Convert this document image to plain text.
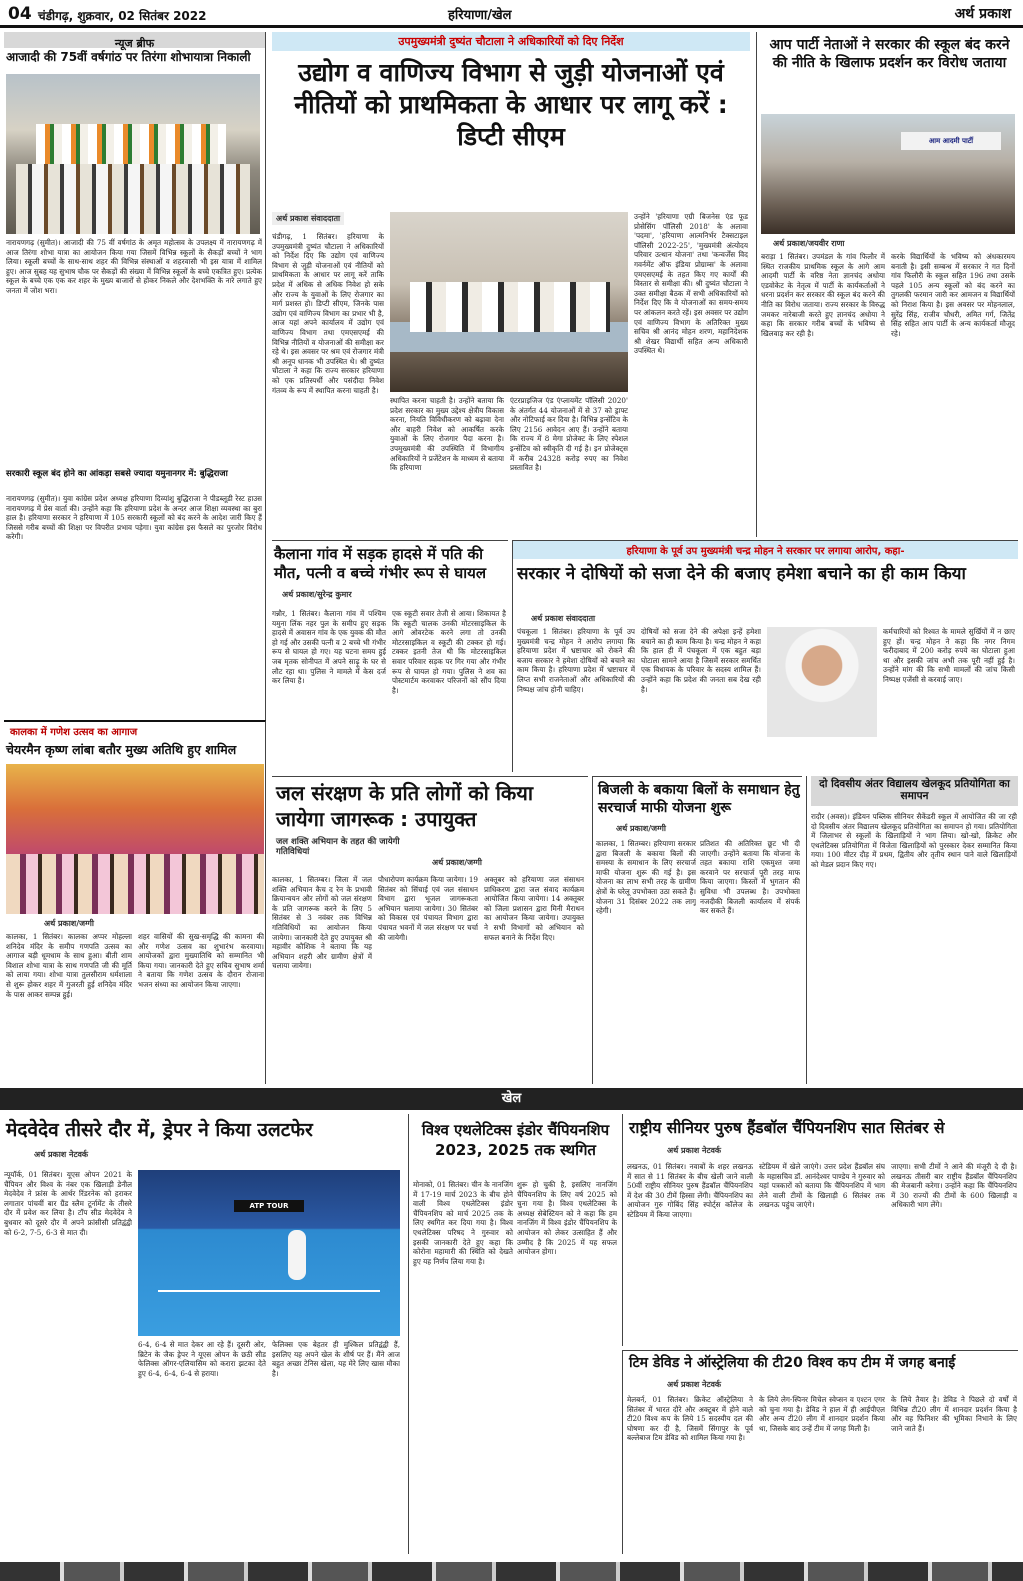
04 चंडीगढ़, शुक्रवार, 02 सितंबर 2022	हरियाणा/खेल	अर्थ प्रकाश
न्यूज ब्रीफ
आजादी की 75वीं वर्षगांठ पर तिरंगा शोभायात्रा निकाली
नारायणगढ़ (सुमीत)। आजादी की 75 वीं वर्षगांठ के अमृत महोत्सव के उपलक्ष्य में नारायणगढ़ में आज तिरंगा शोभा यात्रा का आयोजन किया गया जिसमें विभिन्न स्कूलों के सैकड़ों बच्चों ने भाग लिया। स्कूली बच्चों के साथ-साथ शहर की विभिन्न संस्थाओं व शहरवासी भी इस यात्रा में शामिल हुए। आज सुबह यह सुभाष चौक पर सैकड़ों की संख्या में विभिन्न स्कूलों के बच्चे एकत्रित हुए। प्रत्येक स्कूल के बच्चे एक एक कर शहर के मुख्य बाजारों से होकर निकले और देशभक्ति के नारे लगाते हुए जनता में जोश भरा।
सरकारी स्कूल बंद होने का आंकड़ा सबसे ज्यादा यमुनानगर में: बुद्धिराजा
नारायणगढ़ (सुमीत)। युवा कांग्रेस प्रदेश अध्यक्ष हरियाणा दिव्यांशु बुद्धिराजा ने पीडब्लूडी रेस्ट हाउस नारायणगढ़ में प्रेस वार्ता की। उन्होंने कहा कि हरियाणा प्रदेश के अन्दर आज शिक्षा व्यवस्था का बुरा हाल है। हरियाणा सरकार ने हरियाणा में 105 सरकारी स्कूलों को बंद करने के आदेश जारी किए हैं जिससे गरीब बच्चों की शिक्षा पर विपरीत प्रभाव पड़ेगा। युवा कांग्रेस इस फैसले का पुरजोर विरोध करेगी।
उपमुख्यमंत्री दुष्यंत चौटाला ने अधिकारियों को दिए निर्देश
उद्योग व वाणिज्य विभाग से जुड़ी योजनाओं एवं नीतियों को प्राथमिकता के आधार पर लागू करें : डिप्टी सीएम
अर्थ प्रकाश संवाददाता
चंडीगढ़, 1 सितंबर। हरियाणा के उपमुख्यमंत्री दुष्यंत चौटाला ने अधिकारियों को निर्देश दिए कि उद्योग एवं वाणिज्य विभाग से जुड़ी योजनाओं एवं नीतियों को प्राथमिकता के आधार पर लागू करें ताकि प्रदेश में अधिक से अधिक निवेश हो सके और राज्य के युवाओं के लिए रोजगार का मार्ग प्रशस्त हो। डिप्टी सीएम, जिनके पास उद्योग एवं वाणिज्य विभाग का प्रभार भी है, आज यहां अपने कार्यालय में उद्योग एवं वाणिज्य विभाग तथा एमएसएमई की विभिन्न नीतियों व योजनाओं की समीक्षा कर रहे थे। इस अवसर पर श्रम एवं रोजगार मंत्री श्री अनूप धानक भी उपस्थित थे। श्री दुष्यंत चौटाला ने कहा कि राज्य सरकार हरियाणा को एक प्रतिस्पर्धी और पसंदीदा निवेश गंतव्य के रूप में स्थापित करना चाहती है।
स्थापित करना चाहती है। उन्होंने बताया कि प्रदेश सरकार का मुख्य उद्देश्य क्षेत्रीय विकास करना, नियति विविधीकरण को बढ़ावा देना और बाहरी निवेश को आकर्षित करके युवाओं के लिए रोजगार पैदा करना है। उपमुख्यमंत्री की उपस्थिति में विभागीय अधिकारियों ने प्रजेंटेशन के माध्यम से बताया कि हरियाणा
एंटरप्राइजिज एंड एंप्लायमेंट पॉलिसी 2020' के अंतर्गत 44 योजनाओं में से 37 को ड्राफ्ट और नोटिफाई कर दिया है। विभिन्न इन्सेंटिव के लिए 2156 आवेदन आए हैं। उन्होंने बताया कि राज्य में 8 मेगा प्रोजेक्ट के लिए स्पेशल इन्सेंटिव को स्वीकृति दी गई है। इन प्रोजेक्ट्स में करीब 24328 करोड़ रुपए का निवेश प्रस्तावित है।
उन्होंने 'हरियाणा एग्री बिजनेस एंड फूड प्रोसेसिंग पॉलिसी 2018' के अलावा 'पदमा', 'हरियाणा आत्मनिर्भर टैक्सटाइल पॉलिसी 2022-25', 'मुख्यमंत्री अंत्योदय परिवार उत्थान योजना' तथा 'कन्वर्जेंस विद गवर्नमेंट ऑफ इंडिया प्रोग्राम्स' के अलावा एमएसएमई के तहत किए गए कार्यों की विस्तार से समीक्षा की। श्री दुष्यंत चौटाला ने उक्त समीक्षा बैठक में सभी अधिकारियों को निर्देश दिए कि वे योजनाओं का समय-समय पर आंकलन करते रहें। इस अवसर पर उद्योग एवं वाणिज्य विभाग के अतिरिक्त मुख्य सचिव श्री आनंद मोहन शरण, महानिदेशक श्री शेखर विद्यार्थी सहित अन्य अधिकारी उपस्थित थे।
आप पार्टी नेताओं ने सरकार की स्कूल बंद करने की नीति के खिलाफ प्रदर्शन कर विरोध जताया
आम आदमी पार्टी
अर्थ प्रकाश/जयवीर राणा
बराड़ा 1 सितंबर। उपमंडल के गांव फिलौर में स्थित राजकीय प्राथमिक स्कूल के आगे आम आदमी पार्टी के वरिष्ठ नेता ज्ञानचंद अधोया एडवोकेट के नेतृत्व में पार्टी के कार्यकर्ताओं ने धरना प्रदर्शन कर सरकार की स्कूल बंद करने की नीति का विरोध जताया। राज्य सरकार के विरुद्ध जमकर नारेबाजी करते हुए ज्ञानचंद अधोया ने कहा कि सरकार गरीब बच्चों के भविष्य से खिलवाड़ कर रही है।
करके विद्यार्थियों के भविष्य को अंधकारमय बनाती है। इसी सम्बन्ध में सरकार ने गत दिनों गांव फिलौरी के स्कूल सहित 196 तथा उसके पहले 105 अन्य स्कूलों को बंद करने का तुगलकी फरमान जारी कर आमजन व विद्यार्थियों को निराश किया है। इस अवसर पर मोहनलाल, सुरेंद्र सिंह, राजीव चौधरी, अमित गर्ग, जितेंद्र सिंह सहित आप पार्टी के अन्य कार्यकर्ता मौजूद रहे।
कैलाना गांव में सड़क हादसे में पति की मौत, पत्नी व बच्चे गंभीर रूप से घायल
अर्थ प्रकाश/सुरेन्द्र कुमार
गन्नौर, 1 सितंबर। कैलाना गांव में पश्चिम यमुना लिंक नहर पुल के समीप हुए सड़क हादसे में अवासन गांव के एक युवक की मौत हो गई और उसकी पत्नी व 2 बच्चे भी गंभीर रूप से घायल हो गए। यह घटना समय हुई जब मृतक सोनीपत में अपने साढ़ू के घर से लौट रहा था। पुलिस ने मामले में केस दर्ज कर लिया है।
एक स्कूटी सवार तेजी से आया। शिकायत है कि स्कूटी चालक उनकी मोटरसाइकिल के आगे ओवरटेक करने लगा तो उनकी मोटरसाइकिल व स्कूटी की टक्कर हो गई। टक्कर इतनी तेज थी कि मोटरसाइकिल सवार परिवार सड़क पर गिर गया और गंभीर रूप से घायल हो गया। पुलिस ने शव का पोस्टमार्टम करवाकर परिजनों को सौंप दिया है।
हरियाणा के पूर्व उप मुख्यमंत्री चन्द्र मोहन ने सरकार पर लगाया आरोप, कहा-
सरकार ने दोषियों को सजा देने की बजाए हमेशा बचाने का ही काम किया
अर्थ प्रकाश संवाददाता
पंचकूला 1 सितंबर। हरियाणा के पूर्व उप मुख्यमंत्री चन्द्र मोहन ने आरोप लगाया कि हरियाणा प्रदेश में भ्रष्टाचार को रोकने की बजाय सरकार ने हमेशा दोषियों को बचाने का काम किया है। हरियाणा प्रदेश में भ्रष्टाचार में लिप्त सभी राजनेताओं और अधिकारियों की निष्पक्ष जांच होनी चाहिए।
दोषियों को सजा देने की अपेक्षा इन्हें हमेशा बचाने का ही काम किया है। चन्द्र मोहन ने कहा कि हाल ही में पंचकूला में एक बहुत बड़ा घोटाला सामने आया है जिसमें सरकार समर्थित एक विधायक के परिवार के सदस्य शामिल हैं। उन्होंने कहा कि प्रदेश की जनता सब देख रही है।
कर्मचारियों को रिश्वत के मामले सुर्खियों में न छाए हुए हों। चन्द्र मोहन ने कहा कि नगर निगम फरीदाबाद में 200 करोड़ रुपये का घोटाला हुआ था और इसकी जांच अभी तक पूरी नहीं हुई है। उन्होंने मांग की कि सभी मामलों की जांच किसी निष्पक्ष एजेंसी से करवाई जाए।
कालका में गणेश उत्सव का आगाज
चेयरमैन कृष्ण लांबा बतौर मुख्य अतिथि हुए शामिल
अर्थ प्रकाश/जग्गी
कालका, 1 सितंबर। कालका अप्पर मोहल्ला शनिदेव मंदिर के समीप गणपति उत्सव का आगाज बड़ी धूमधाम के साथ हुआ। बीती शाम विशाल शोभा यात्रा के साथ गणपति जी की मूर्ति को लाया गया। शोभा यात्रा तुलसीराम धर्मशाला से शुरू होकर शहर में गुजरती हुई शनिदेव मंदिर के पास आकर सम्पन्न हुई।
शहर वासियों की सुख-समृद्धि की कामना की और गणेश उत्सव का शुभारंभ करवाया। आयोजकों द्वारा मुख्यातिथि को सम्मानित भी किया गया। जानकारी देते हुए सचिव सुभाष शर्मा ने बताया कि गणेश उत्सव के दौरान रोजाना भजन संध्या का आयोजन किया जाएगा।
जल संरक्षण के प्रति लोगों को किया जायेगा जागरूक : उपायुक्त
जल शक्ति अभियान के तहत की जायेगी गतिविधियां
अर्थ प्रकाश/जग्गी
कालका, 1 सितम्बर। जिला में जल शक्ति अभियान कैच द रेन के प्रभावी क्रियान्वयन और लोगों को जल संरक्षण के प्रति जागरूक करने के लिए 5 सितंबर से 3 नवंबर तक विभिन्न गतिविधियों का आयोजन किया जायेगा। जानकारी देते हुए उपायुक्त श्री महावीर कौशिक ने बताया कि यह अभियान शहरी और ग्रामीण क्षेत्रों में चलाया जायेगा।
पौधारोपण कार्यक्रम किया जायेगा। 19 सितंबर को सिंचाई एवं जल संसाधन विभाग द्वारा भूजल जागरूकता अभियान चलाया जायेगा। 30 सितंबर को विकास एवं पंचायत विभाग द्वारा पंचायत भवनों में जल संरक्षण पर चर्चा की जायेगी।
अक्तूबर को हरियाणा जल संसाधन प्राधिकरण द्वारा जल संवाद कार्यक्रम आयोजित किया जायेगा। 14 अक्तूबर को जिला प्रशासन द्वारा मिनी मैराथन का आयोजन किया जायेगा। उपायुक्त ने सभी विभागों को अभियान को सफल बनाने के निर्देश दिए।
बिजली के बकाया बिलों के समाधान हेतु सरचार्ज माफी योजना शुरू
अर्थ प्रकाश/जग्गी
कालका, 1 सितम्बर। हरियाणा सरकार द्वारा बिजली के बकाया बिलों की समस्या के समाधान के लिए सरचार्ज माफी योजना शुरू की गई है। इस योजना का लाभ सभी तरह के ग्रामीण क्षेत्रों के घरेलू उपभोक्ता उठा सकते हैं। योजना 31 दिसंबर 2022 तक लागू रहेगी।
प्रतिशत की अतिरिक्त छूट भी दी जाएगी। उन्होंने बताया कि योजना के तहत बकाया राशि एकमुश्त जमा करवाने पर सरचार्ज पूरी तरह माफ किया जाएगा। किस्तों में भुगतान की सुविधा भी उपलब्ध है। उपभोक्ता नजदीकी बिजली कार्यालय में संपर्क कर सकते हैं।
दो दिवसीय अंतर विद्यालय खेलकूद प्रतियोगिता का समापन
रादौर (अवस)। इंडियन पब्लिक सीनियर सैकेंडरी स्कूल में आयोजित की जा रही दो दिवसीय अंतर विद्यालय खेलकूद प्रतियोगिता का समापन हो गया। प्रतियोगिता में जिलाभर से स्कूलों के खिलाड़ियों ने भाग लिया। खो-खो, क्रिकेट और एथलेटिक्स प्रतियोगिता में विजेता खिलाड़ियों को पुरस्कार देकर सम्मानित किया गया। 100 मीटर दौड़ में प्रथम, द्वितीय और तृतीय स्थान पाने वाले खिलाड़ियों को मेडल प्रदान किए गए।
खेल
मेदवेदेव तीसरे दौर में, ड्रेपर ने किया उलटफेर
अर्थ प्रकाश नेटवर्क
न्यूयॉर्क, 01 सितंबर। यूएस ओपन 2021 के चैंपियन और विश्व के नंबर एक खिलाड़ी डेनील मेदवेदेव ने फ्रांस के आर्थर रिंडरनेक को हराकर लगातार पांचवीं बार ग्रैंड स्लैम टूर्नामेंट के तीसरे दौर में प्रवेश कर लिया है। टॉप सीड मेदवेदेव ने बुधवार को दूसरे दौर में अपने फ्रांसीसी प्रतिद्वंद्वी को 6-2, 7-5, 6-3 से मात दी।
ATP TOUR
6-4, 6-4 से मात देकर आ रहे हैं। दूसरी ओर, ब्रिटेन के जैक ड्रेपर ने यूएस ओपन के छठी सीड फेलिक्स ऑगर-एलियासिम को करारा झटका देते हुए 6-4, 6-4, 6-4 से हराया।
फेलिक्स एक बेहतर ही मुश्किल प्रतिद्वंद्वी हैं, इसलिए यह अपने खेल के शीर्ष पर हैं। मैंने आज बहुत अच्छा टेनिस खेला, यह मेरे लिए खास मौका है।
विश्व एथलेटिक्स इंडोर चैंपियनशिप 2023, 2025 तक स्थगित
मोनाको, 01 सितंबर। चीन के नानजिंग में 17-19 मार्च 2023 के बीच होने वाली विश्व एथलेटिक्स इंडोर चैंपियनशिप को मार्च 2025 तक के लिए स्थगित कर दिया गया है। विश्व एथलेटिक्स परिषद ने गुरुवार को इसकी जानकारी देते हुए कहा कि कोरोना महामारी की स्थिति को देखते हुए यह निर्णय लिया गया है।
शुरू हो चुकी है, इसलिए नानजिंग चैंपियनशिप के लिए वर्ष 2025 को चुना गया है। विश्व एथलेटिक्स के अध्यक्ष सेबेस्टियन को ने कहा कि हम नानजिंग में विश्व इंडोर चैंपियनशिप के आयोजन को लेकर उत्साहित हैं और उम्मीद है कि 2025 में यह सफल आयोजन होगा।
राष्ट्रीय सीनियर पुरुष हैंडबॉल चैंपियनशिप सात सितंबर से
अर्थ प्रकाश नेटवर्क
लखनऊ, 01 सितंबर। नवाबों के शहर लखनऊ में सात से 11 सितंबर के बीच खेली जाने वाली 50वीं राष्ट्रीय सीनियर पुरुष हैंडबॉल चैंपियनशिप में देश की 30 टीमें हिस्सा लेंगी। चैंपियनशिप का आयोजन गुरु गोबिंद सिंह स्पोर्ट्स कॉलेज के स्टेडियम में किया जाएगा।
स्टेडियम में खेले जाएंगे। उत्तर प्रदेश हैंडबॉल संघ के महासचिव डॉ. आनंदेश्वर पाण्डेय ने गुरुवार को यहां पत्रकारों को बताया कि चैंपियनशिप में भाग लेने वाली टीमों के खिलाड़ी 6 सितंबर तक लखनऊ पहुंच जाएंगे।
जाएगा। सभी टीमों ने आने की मंजूरी दे दी है। लखनऊ तीसरी बार राष्ट्रीय हैंडबॉल चैंपियनशिप की मेजबानी करेगा। उन्होंने कहा कि चैंपियनशिप में 30 राज्यों की टीमों के 600 खिलाड़ी व अधिकारी भाग लेंगे।
टिम डेविड ने ऑस्ट्रेलिया की टी20 विश्व कप टीम में जगह बनाई
अर्थ प्रकाश नेटवर्क
मेलबर्न, 01 सितंबर। क्रिकेट ऑस्ट्रेलिया ने सितंबर में भारत दौरे और अक्टूबर में होने वाले टी20 विश्व कप के लिये 15 सदस्यीय दल की घोषणा कर दी है, जिसमें सिंगापुर के पूर्व बल्लेबाज टिम डेविड को शामिल किया गया है।
के लिये लेग-स्पिनर मिचेल स्वेप्सन व एश्टन एगर को चुना गया है। डेविड ने हाल में ही आईपीएल और अन्य टी20 लीग में शानदार प्रदर्शन किया था, जिसके बाद उन्हें टीम में जगह मिली है।
के लिये तैयार है। डेविड ने पिछले दो वर्षों में विभिन्न टी20 लीग में शानदार प्रदर्शन किया है और वह फिनिशर की भूमिका निभाने के लिए जाने जाते हैं।
